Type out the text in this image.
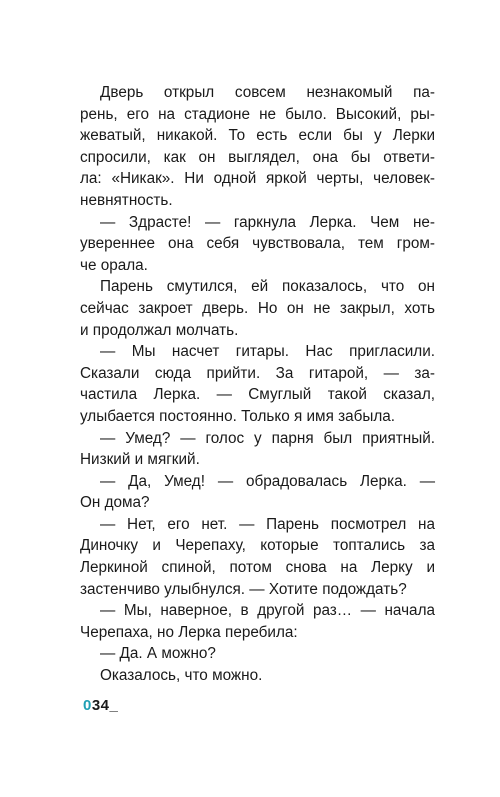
Дверь открыл совсем незнакомый па-
рень, его на стадионе не было. Высокий, ры-
жеватый, никакой. То есть если бы у Лерки
спросили, как он выглядел, она бы ответи-
ла: «Никак». Ни одной яркой черты, человек-
невнятность.
— Здрасте! — гаркнула Лерка. Чем не-
увереннее она себя чувствовала, тем гром-
че орала.
Парень смутился, ей показалось, что он
сейчас закроет дверь. Но он не закрыл, хоть
и продолжал молчать.
— Мы насчет гитары. Нас пригласили.
Сказали сюда прийти. За гитарой, — за-
частила Лерка. — Смуглый такой сказал,
улыбается постоянно. Только я имя забыла.
— Умед? — голос у парня был приятный.
Низкий и мягкий.
— Да, Умед! — обрадовалась Лерка. —
Он дома?
— Нет, его нет. — Парень посмотрел на
Диночку и Черепаху, которые топтались за
Леркиной спиной, потом снова на Лерку и
застенчиво улыбнулся. — Хотите подождать?
— Мы, наверное, в другой раз… — начала
Черепаха, но Лерка перебила:
— Да. А можно?
Оказалось, что можно.
034_
